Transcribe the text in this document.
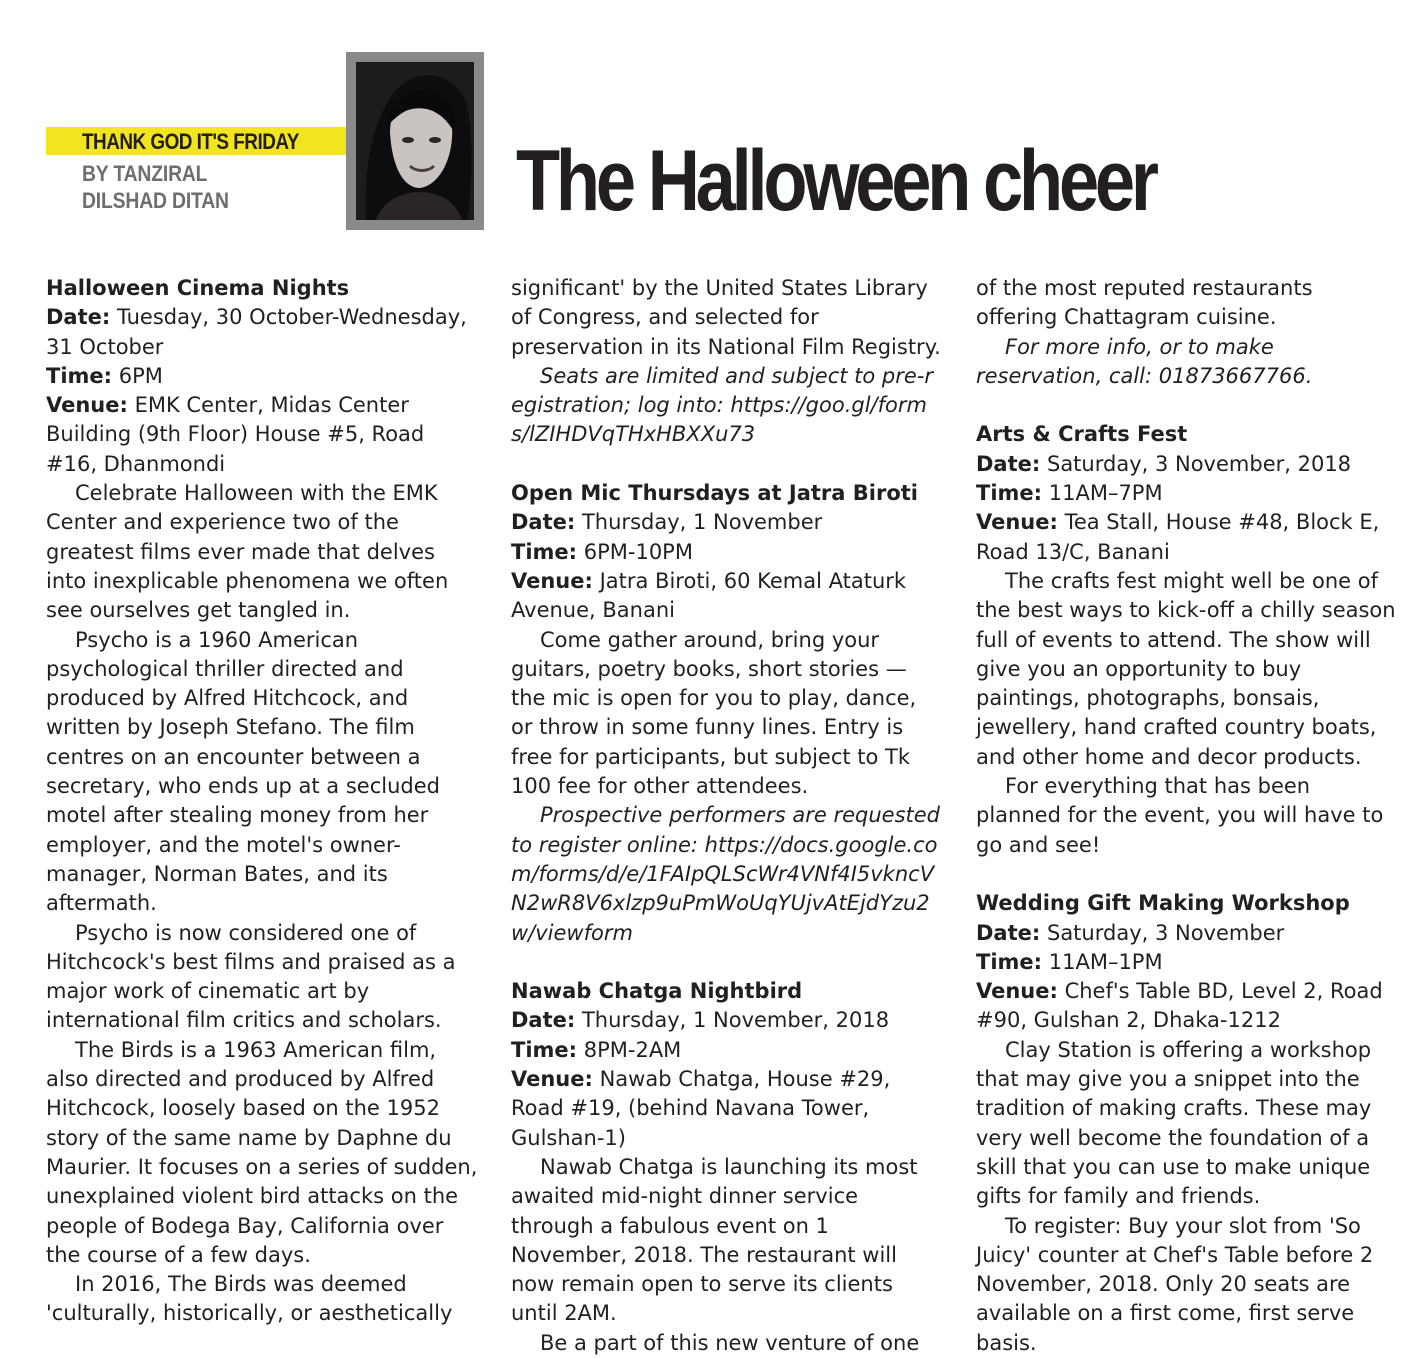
THANK GOD IT'S FRIDAY
BY TANZIRAL DILSHAD DITAN	The Halloween cheer

Halloween Cinema Nights

Date: Tuesday, 30 October-Wednesday, 31 October

Time: 6PM

Venue: EMK Center, Midas Center Building (9th Floor) House #5, Road #16, Dhanmondi

Celebrate Halloween with the EMK Center and experience two of the greatest films ever made that delves into inexplicable phenomena we often see ourselves get tangled in.

Psycho is a 1960 American psychological thriller directed and produced by Alfred Hitchcock, and written by Joseph Stefano. The film centres on an encounter between a secretary, who ends up at a secluded motel after stealing money from her employer, and the motel's owner-manager, Norman Bates, and its aftermath.

Psycho is now considered one of Hitchcock's best films and praised as a major work of cinematic art by international film critics and scholars.

The Birds is a 1963 American film, also directed and produced by Alfred Hitchcock, loosely based on the 1952 story of the same name by Daphne du Maurier. It focuses on a series of sudden, unexplained violent bird attacks on the people of Bodega Bay, California over the course of a few days.

In 2016, The Birds was deemed 'culturally, historically, or aesthetically

significant' by the United States Library of Congress, and selected for preservation in its National Film Registry.

Seats are limited and subject to pre-registration; log into: https://goo.gl/forms/lZIHDVqTHxHBXXu73

Open Mic Thursdays at Jatra Biroti

Date: Thursday, 1 November

Time: 6PM-10PM

Venue: Jatra Biroti, 60 Kemal Ataturk Avenue, Banani

Come gather around, bring your guitars, poetry books, short stories — the mic is open for you to play, dance, or throw in some funny lines. Entry is free for participants, but subject to Tk 100 fee for other attendees.

Prospective performers are requested to register online: https://docs.google.com/forms/d/e/1FAIpQLScWr4VNf4I5vkncVN2wR8V6xlzp9uPmWoUqYUjvAtEjdYzu2w/viewform

Nawab Chatga Nightbird

Date: Thursday, 1 November, 2018

Time: 8PM-2AM

Venue: Nawab Chatga, House #29, Road #19, (behind Navana Tower, Gulshan-1)

Nawab Chatga is launching its most awaited mid-night dinner service through a fabulous event on 1 November, 2018. The restaurant will now remain open to serve its clients until 2AM.

Be a part of this new venture of one

of the most reputed restaurants offering Chattagram cuisine.

For more info, or to make reservation, call: 01873667766.

Arts & Crafts Fest

Date: Saturday, 3 November, 2018

Time: 11AM–7PM

Venue: Tea Stall, House #48, Block E, Road 13/C, Banani

The crafts fest might well be one of the best ways to kick-off a chilly season full of events to attend. The show will give you an opportunity to buy paintings, photographs, bonsais, jewellery, hand crafted country boats, and other home and decor products.

For everything that has been planned for the event, you will have to go and see!

Wedding Gift Making Workshop

Date: Saturday, 3 November

Time: 11AM–1PM

Venue: Chef's Table BD, Level 2, Road #90, Gulshan 2, Dhaka-1212

Clay Station is offering a workshop that may give you a snippet into the tradition of making crafts. These may very well become the foundation of a skill that you can use to make unique gifts for family and friends.

To register: Buy your slot from 'So Juicy' counter at Chef's Table before 2 November, 2018. Only 20 seats are available on a first come, first serve basis.
